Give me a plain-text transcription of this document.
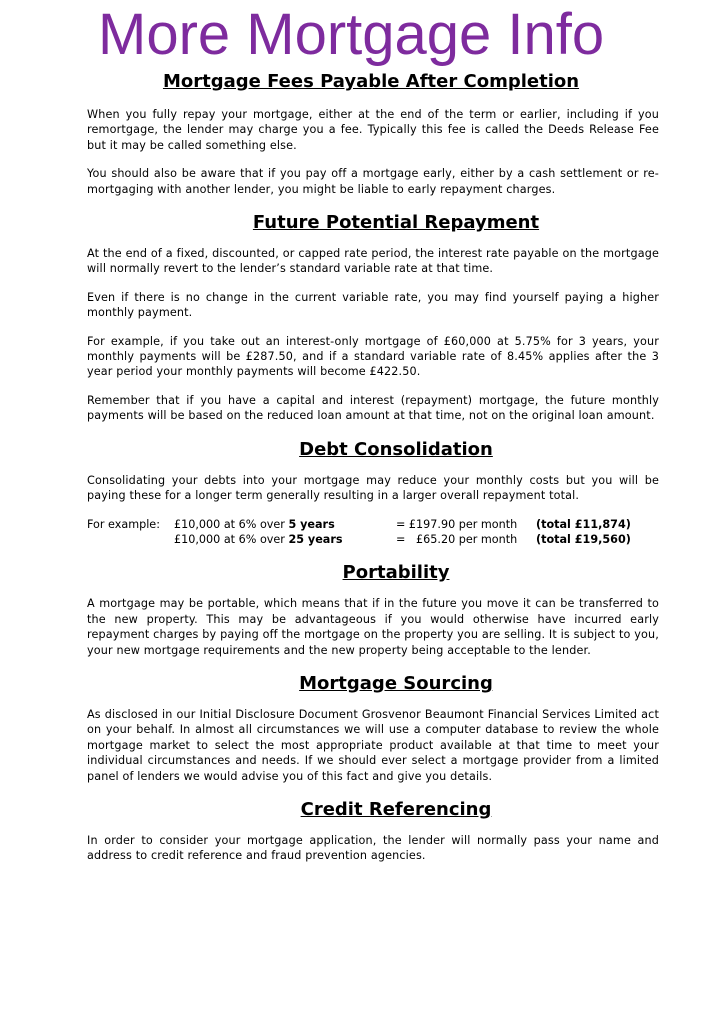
More Mortgage Info
Mortgage Fees Payable After Completion

When you fully repay your mortgage, either at the end of the term or earlier, including if you remortgage, the lender may charge you a fee. Typically this fee is called the Deeds Release Fee but it may be called something else.

You should also be aware that if you pay off a mortgage early, either by a cash settlement or re-mortgaging with another lender, you might be liable to early repayment charges.

Future Potential Repayment

At the end of a fixed, discounted, or capped rate period, the interest rate payable on the mortgage will normally revert to the lender’s standard variable rate at that time.

Even if there is no change in the current variable rate, you may find yourself paying a higher monthly payment.

For example, if you take out an interest-only mortgage of £60,000 at 5.75% for 3 years, your monthly payments will be £287.50, and if a standard variable rate of 8.45% applies after the 3 year period your monthly payments will become £422.50.

Remember that if you have a capital and interest (repayment) mortgage, the future monthly payments will be based on the reduced loan amount at that time, not on the original loan amount.

Debt Consolidation

Consolidating your debts into your mortgage may reduce your monthly costs but you will be paying these for a longer term generally resulting in a larger overall repayment total.

For example:	£10,000 at 6% over 5 years	= £197.90 per month	(total £11,874)
£10,000 at 6% over 25 years	=   £65.20 per month	(total £19,560)
Portability

A mortgage may be portable, which means that if in the future you move it can be transferred to the new property. This may be advantageous if you would otherwise have incurred early repayment charges by paying off the mortgage on the property you are selling. It is subject to you, your new mortgage requirements and the new property being acceptable to the lender.

Mortgage Sourcing

As disclosed in our Initial Disclosure Document Grosvenor Beaumont Financial Services Limited act on your behalf. In almost all circumstances we will use a computer database to review the whole mortgage market to select the most appropriate product available at that time to meet your individual circumstances and needs. If we should ever select a mortgage provider from a limited panel of lenders we would advise you of this fact and give you details.

Credit Referencing

In order to consider your mortgage application, the lender will normally pass your name and address to credit reference and fraud prevention agencies.
